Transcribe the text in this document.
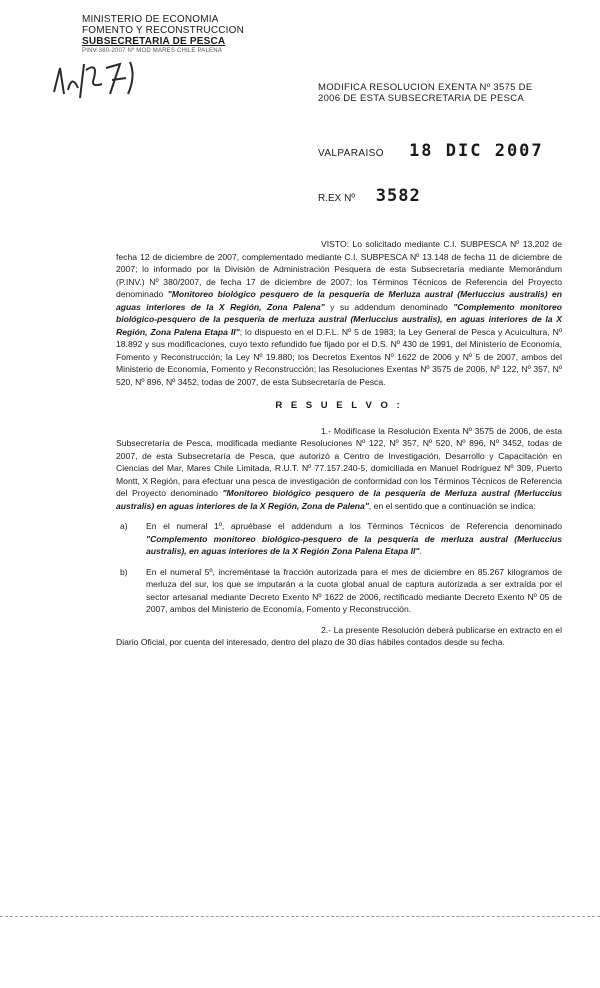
MINISTERIO DE ECONOMIA
FOMENTO Y RECONSTRUCCION
SUBSECRETARIA DE PESCA
PINV 380-2007 Nº MOD MARES CHILE PALENA
MODIFICA RESOLUCION EXENTA Nº 3575 DE
2006 DE ESTA SUBSECRETARIA DE PESCA
VALPARAISO 18 DIC 2007
R.EX Nº 3582

VISTO: Lo solicitado mediante C.I. SUBPESCA Nº 13.202 de fecha 12 de diciembre de 2007, complementado mediante C.I. SUBPESCA Nº 13.148 de fecha 11 de diciembre de 2007; lo informado por la División de Administración Pesquera de esta Subsecretaría mediante Memorándum (P.INV.) Nº 380/2007, de fecha 17 de diciembre de 2007; los Términos Técnicos de Referencia del Proyecto denominado "Monitoreo biológico pesquero de la pesquería de Merluza austral (Merluccius australis) en aguas interiores de la X Región, Zona Palena" y su addendum denominado "Complemento monitoreo biológico-pesquero de la pesquería de merluza austral (Merluccius australis), en aguas interiores de la X Región, Zona Palena Etapa II"; lo dispuesto en el D.F.L. Nº 5 de 1983; la Ley General de Pesca y Acuicultura, Nº 18.892 y sus modificaciones, cuyo texto refundido fue fijado por el D.S. Nº 430 de 1991, del Ministerio de Economía, Fomento y Reconstrucción; la Ley Nº 19.880; los Decretos Exentos Nº 1622 de 2006 y Nº 5 de 2007, ambos del Ministerio de Economía, Fomento y Reconstrucción; las Resoluciones Exentas Nº 3575 de 2006, Nº 122, Nº 357, Nº 520, Nº 896, Nº 3452, todas de 2007, de esta Subsecretaría de Pesca.

R E S U E L V O :

1.- Modifícase la Resolución Exenta Nº 3575 de 2006, de esta Subsecretaría de Pesca, modificada mediante Resoluciones Nº 122, Nº 357, Nº 520, Nº 896, Nº 3452, todas de 2007, de esta Subsecretaría de Pesca, que autorizó a Centro de Investigación, Desarrollo y Capacitación en Ciencias del Mar, Mares Chile Limitada, R.U.T. Nº 77.157.240-5, domiciliada en Manuel Rodríguez Nº 309, Puerto Montt, X Región, para efectuar una pesca de investigación de conformidad con los Términos Técnicos de Referencia del Proyecto denominado "Monitoreo biológico pesquero de la pesquería de Merluza austral (Merluccius australis) en aguas interiores de la X Región, Zona de Palena", en el sentido que a continuación se indica:

a)	En el numeral 1º, apruébase el addendum a los Términos Técnicos de Referencia denominado "Complemento monitoreo biológico-pesquero de la pesquería de merluza austral (Merluccius australis), en aguas interiores de la X Región Zona Palena Etapa II".
b)	En el numeral 5º, increméntase la fracción autorizada para el mes de diciembre en 85.267 kilogramos de merluza del sur, los que se imputarán a la cuota global anual de captura autorizada a ser extraída por el sector artesanal mediante Decreto Exento Nº 1622 de 2006, rectificado mediante Decreto Exento Nº 05 de 2007, ambos del Ministerio de Economía, Fomento y Reconstrucción.

2.- La presente Resolución deberá publicarse en extracto en el Diario Oficial, por cuenta del interesado, dentro del plazo de 30 días hábiles contados desde su fecha.
